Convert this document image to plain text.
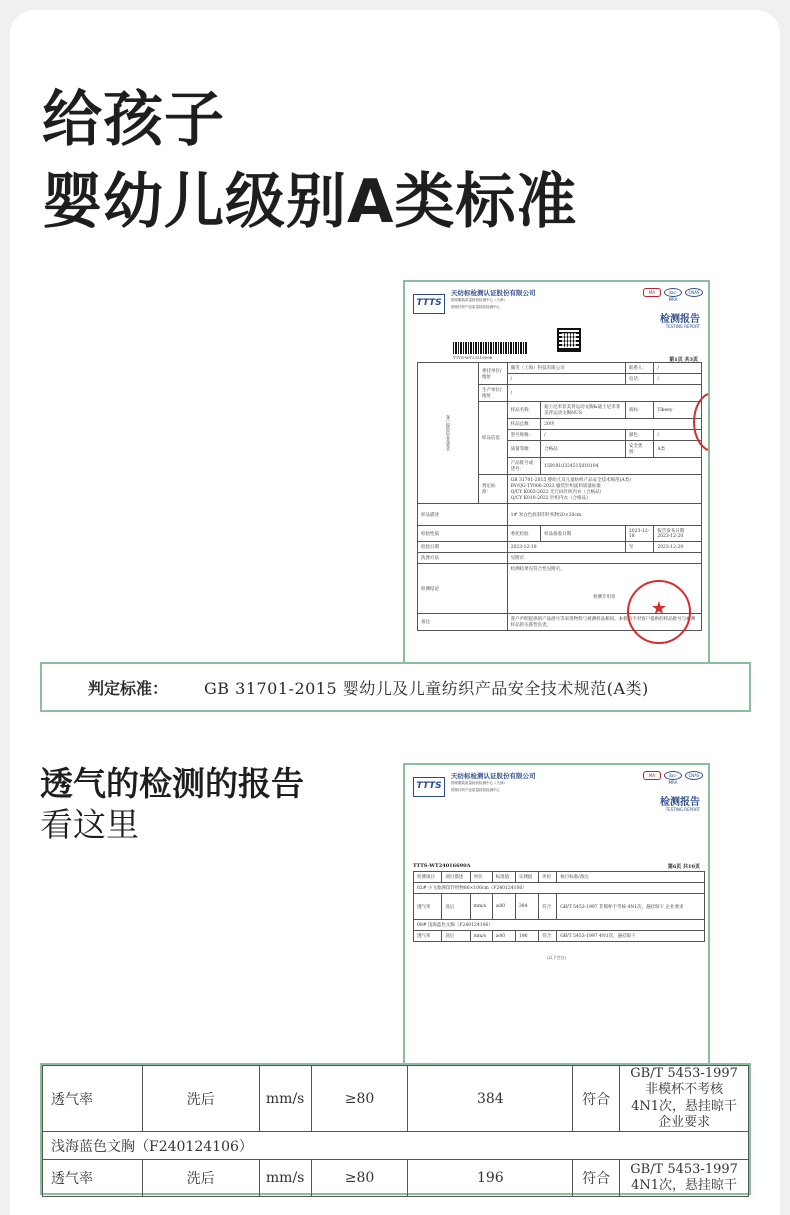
给孩子
婴幼儿级别A类标准
TTTS
天纺标检测认证股份有限公司
国家服装质量检验检测中心（天津）
国家针织产品质量检验检测中心
MA	ilac-MRA
CNAS
检测报告
TESTING REPORT
TTTS-WT23119096	第1页 共3页
客户提供信息及要求	委托单位/地址	微笑（上海）科技有限公司		联系人：	/
		/		电话：	/
	生产单位/地址	/			
	样品信息	样品名称：	迪士尼米菲美背运动文胸&迪士尼米菲美背运动文胸NUS	商标：	Tikeey
		样品总数：	20块		
		型号规格：	/	颜色：	/
		质量等级：	合格品	安全类别：	A类
		产品批号或货号：	1591910324515018104		
	判定标准：	GB 31701-2015 婴幼儿及儿童纺织产品安全技术规范(A类)
BY/QG-TY006-2023 服装针织面料质量标准
Q/CY K003-2022 无尺码针织内衣（合格品）
Q/CY K010-2022 针织内衣（合格品）			

样品描述		1# 米白色底彩印针织物20×20cm			
检验性质		委托检验	样品接收日期	2023-12-18	报告发布日期 2023-12-20
检验日期		2023-12-18		至	2023-12-20
洗涤方法		见附页			
检测结论		检测结果见符合性见附页。
检测专用章			

备注		客户声明提供的产品批号等采用物料与被测样品相同。本机构不对客户提供的样品批号与被测样品的关联性负责。			
★
判定标准： GB 31701-2015 婴幼儿及儿童纺织产品安全技术规范(A类)
透气的检测的报告
看这里
TTTS
天纺标检测认证股份有限公司
国家服装质量检验检测中心（天津）
国家针织产品质量检验检测中心
MA	ilac-MRA
CNAS
检测报告
TESTING REPORT
TTTS-WT24016690A	第6页 共10页
检测项目	项目描述	单位	标准值	实测值	评价	执行标准/备注
02# 小飞象满印针织物80×100cm（F240124106）						
透气率	洗后	mm/s	≥80	384	符合	GB/T 5453-1997 非模杯不考核 4N1次，悬挂晾干 企业要求
08# 浅海蓝色文胸（F240124106）						
透气率	洗后	mm/s	≥80	196	符合	GB/T 5453-1997 4N1次，悬挂晾干
(以下空白)
透气率	洗后	mm/s	≥80	384	符合	GB/T 5453-1997
非模杯不考核
4N1次，悬挂晾干
企业要求

浅海蓝色文胸（F240124106）						
透气率	洗后	mm/s	≥80	196	符合	GB/T 5453-1997
4N1次，悬挂晾干
